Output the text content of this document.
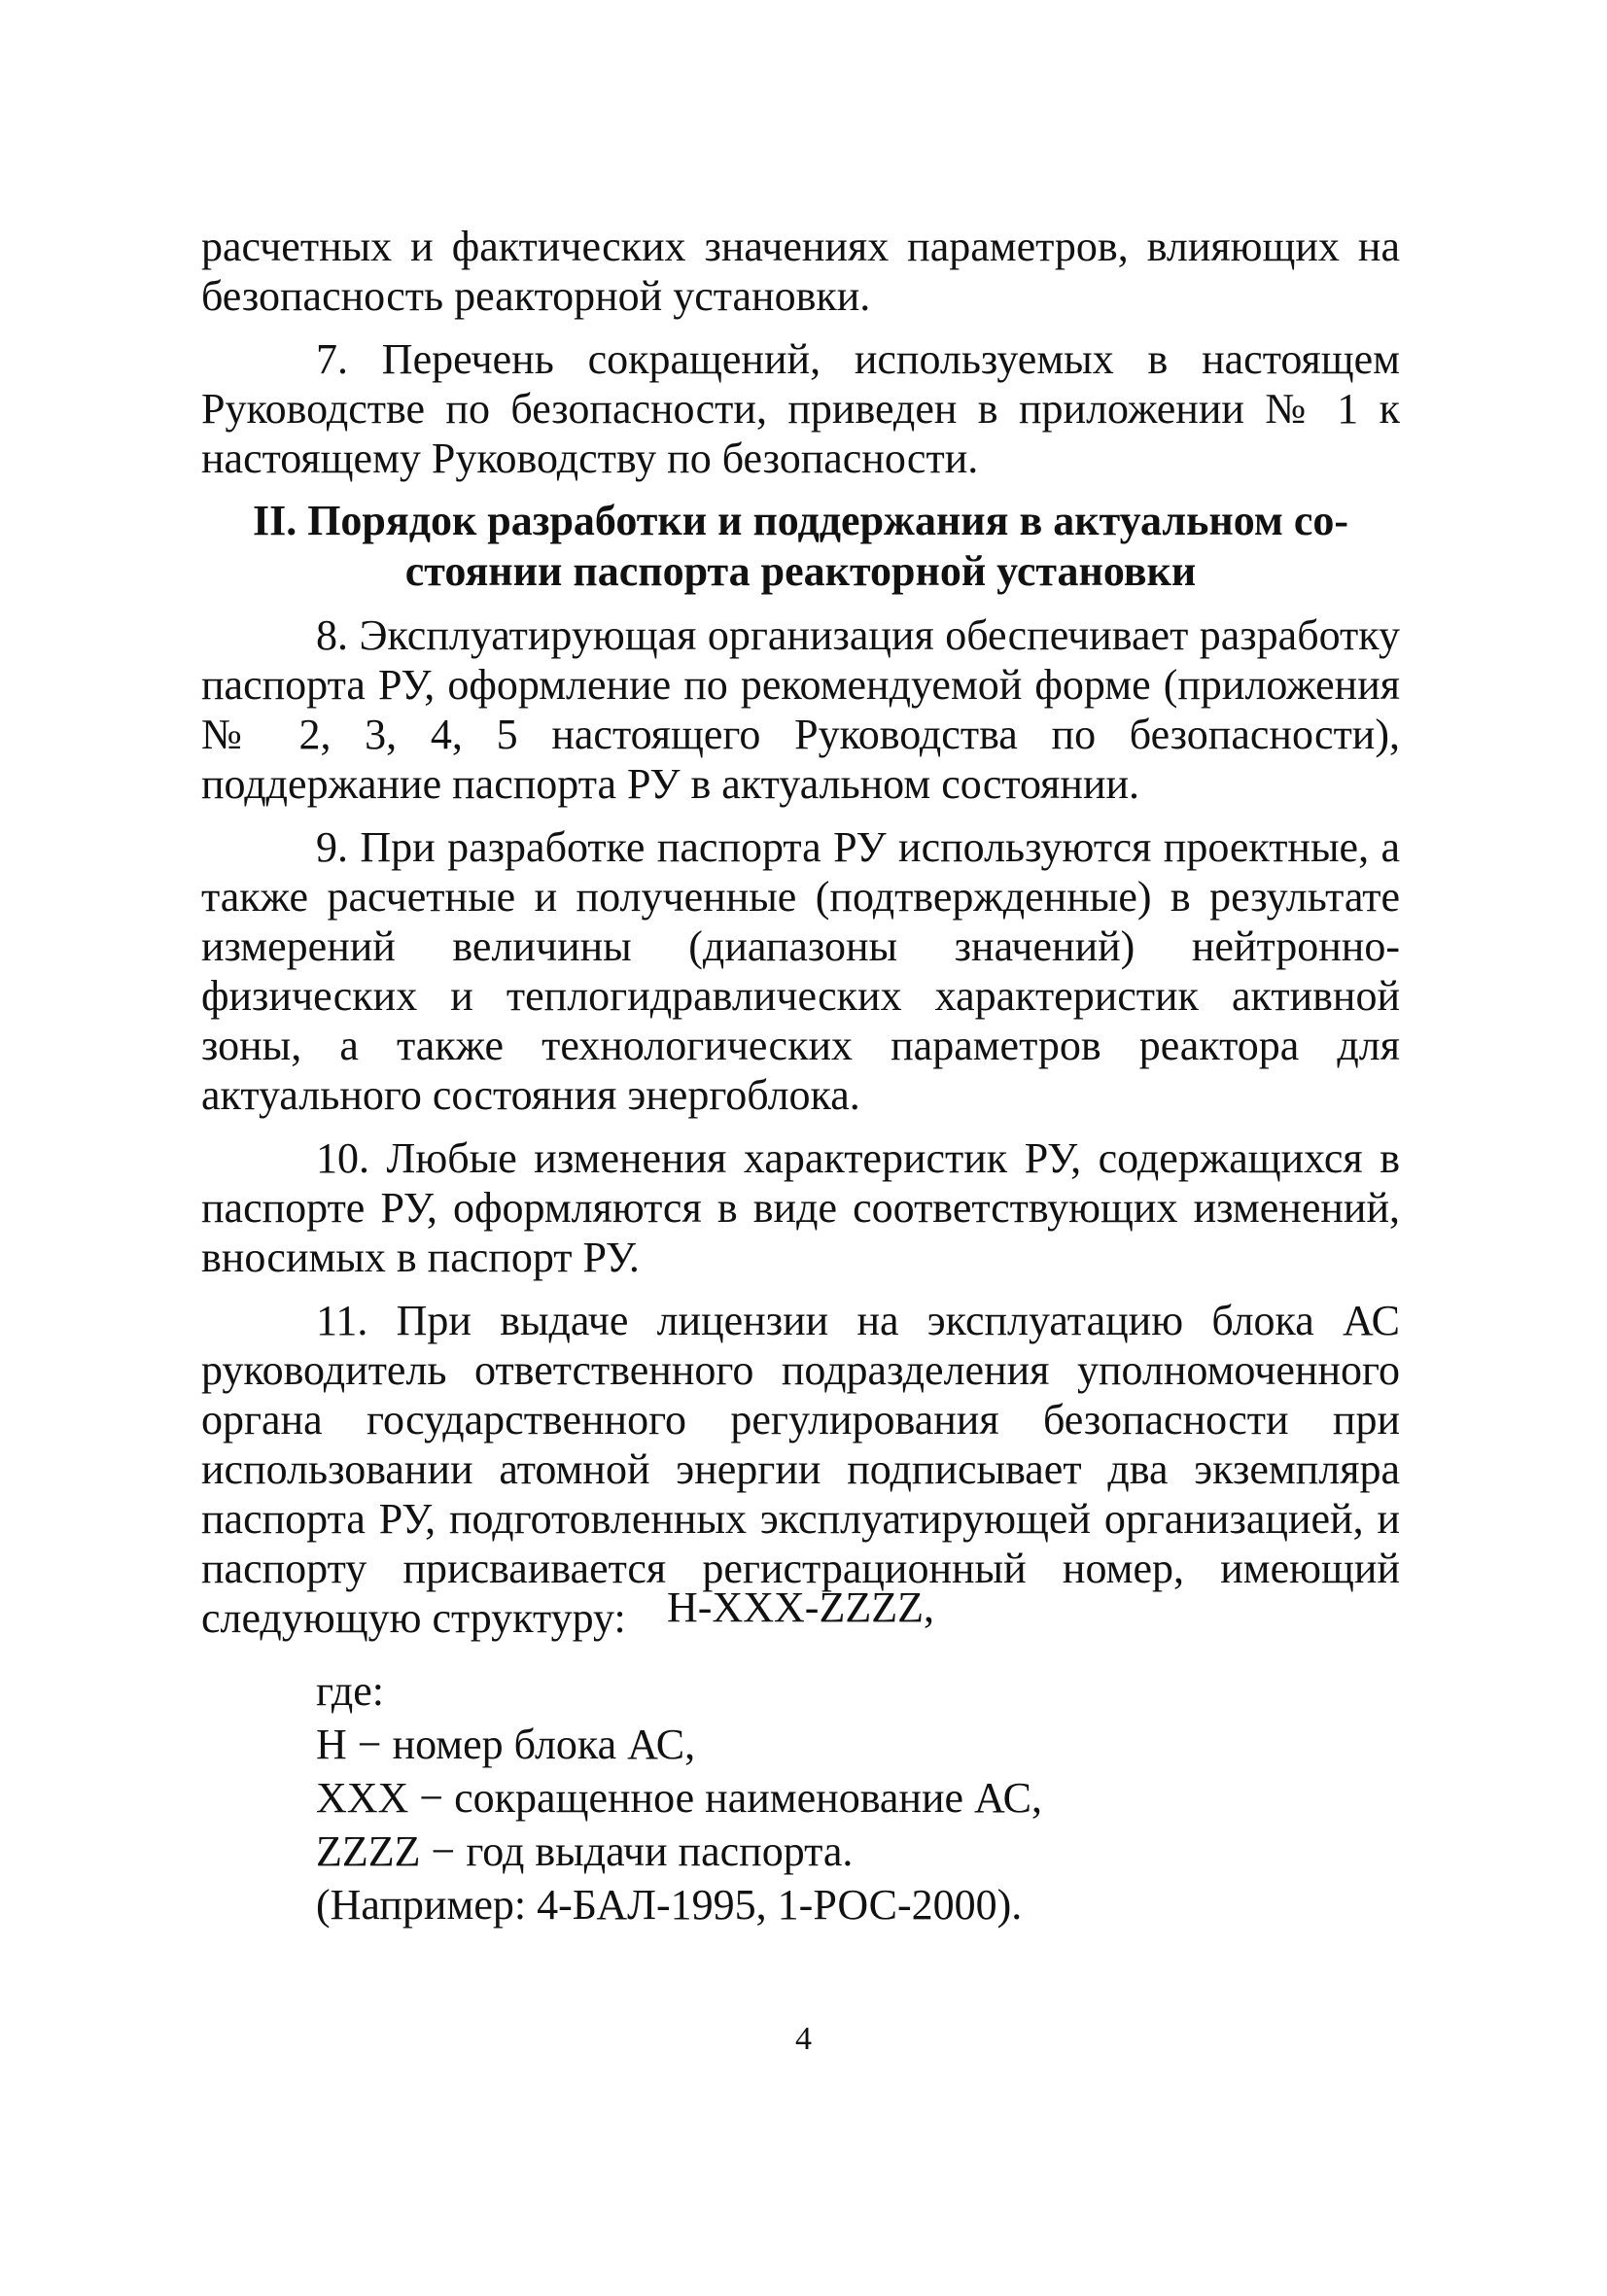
расчетных и фактических значениях параметров, влияющих на безопасность реакторной установки.

7. Перечень сокращений, используемых в настоящем Руководстве по безопасности, приведен в приложении № 1 к настоящему Руководству по безопасности.

II. Порядок разработки и поддержания в актуальном со-
стоянии паспорта реакторной установки

8. Эксплуатирующая организация обеспечивает разработку паспорта РУ, оформление по рекомендуемой форме (приложения № 2, 3, 4, 5 настоящего Руководства по безопасности), поддержание паспорта РУ в актуальном состоянии.

9. При разработке паспорта РУ используются проектные, а также расчетные и полученные (подтвержденные) в результате измерений величины (диапазоны значений) нейтронно-физических и теплогидравлических характеристик активной зоны, а также технологических параметров реактора для актуального состояния энергоблока.

10. Любые изменения характеристик РУ, содержащихся в паспорте РУ, оформляются в виде соответствующих изменений, вносимых в паспорт РУ.

11. При выдаче лицензии на эксплуатацию блока АС руководитель ответственного подразделения уполномоченного органа государственного регулирования безопасности при использовании атомной энергии подписывает два экземпляра паспорта РУ, подготовленных эксплуатирующей организацией, и паспорту присваивается регистрационный номер, имеющий следующую структуру: Н-ХХХ-ZZZZ,
где:
Н − номер блока АС,
ХХХ − сокращенное наименование АС,
ZZZZ − год выдачи паспорта.
(Например: 4-БАЛ-1995, 1-РОС-2000).
4
